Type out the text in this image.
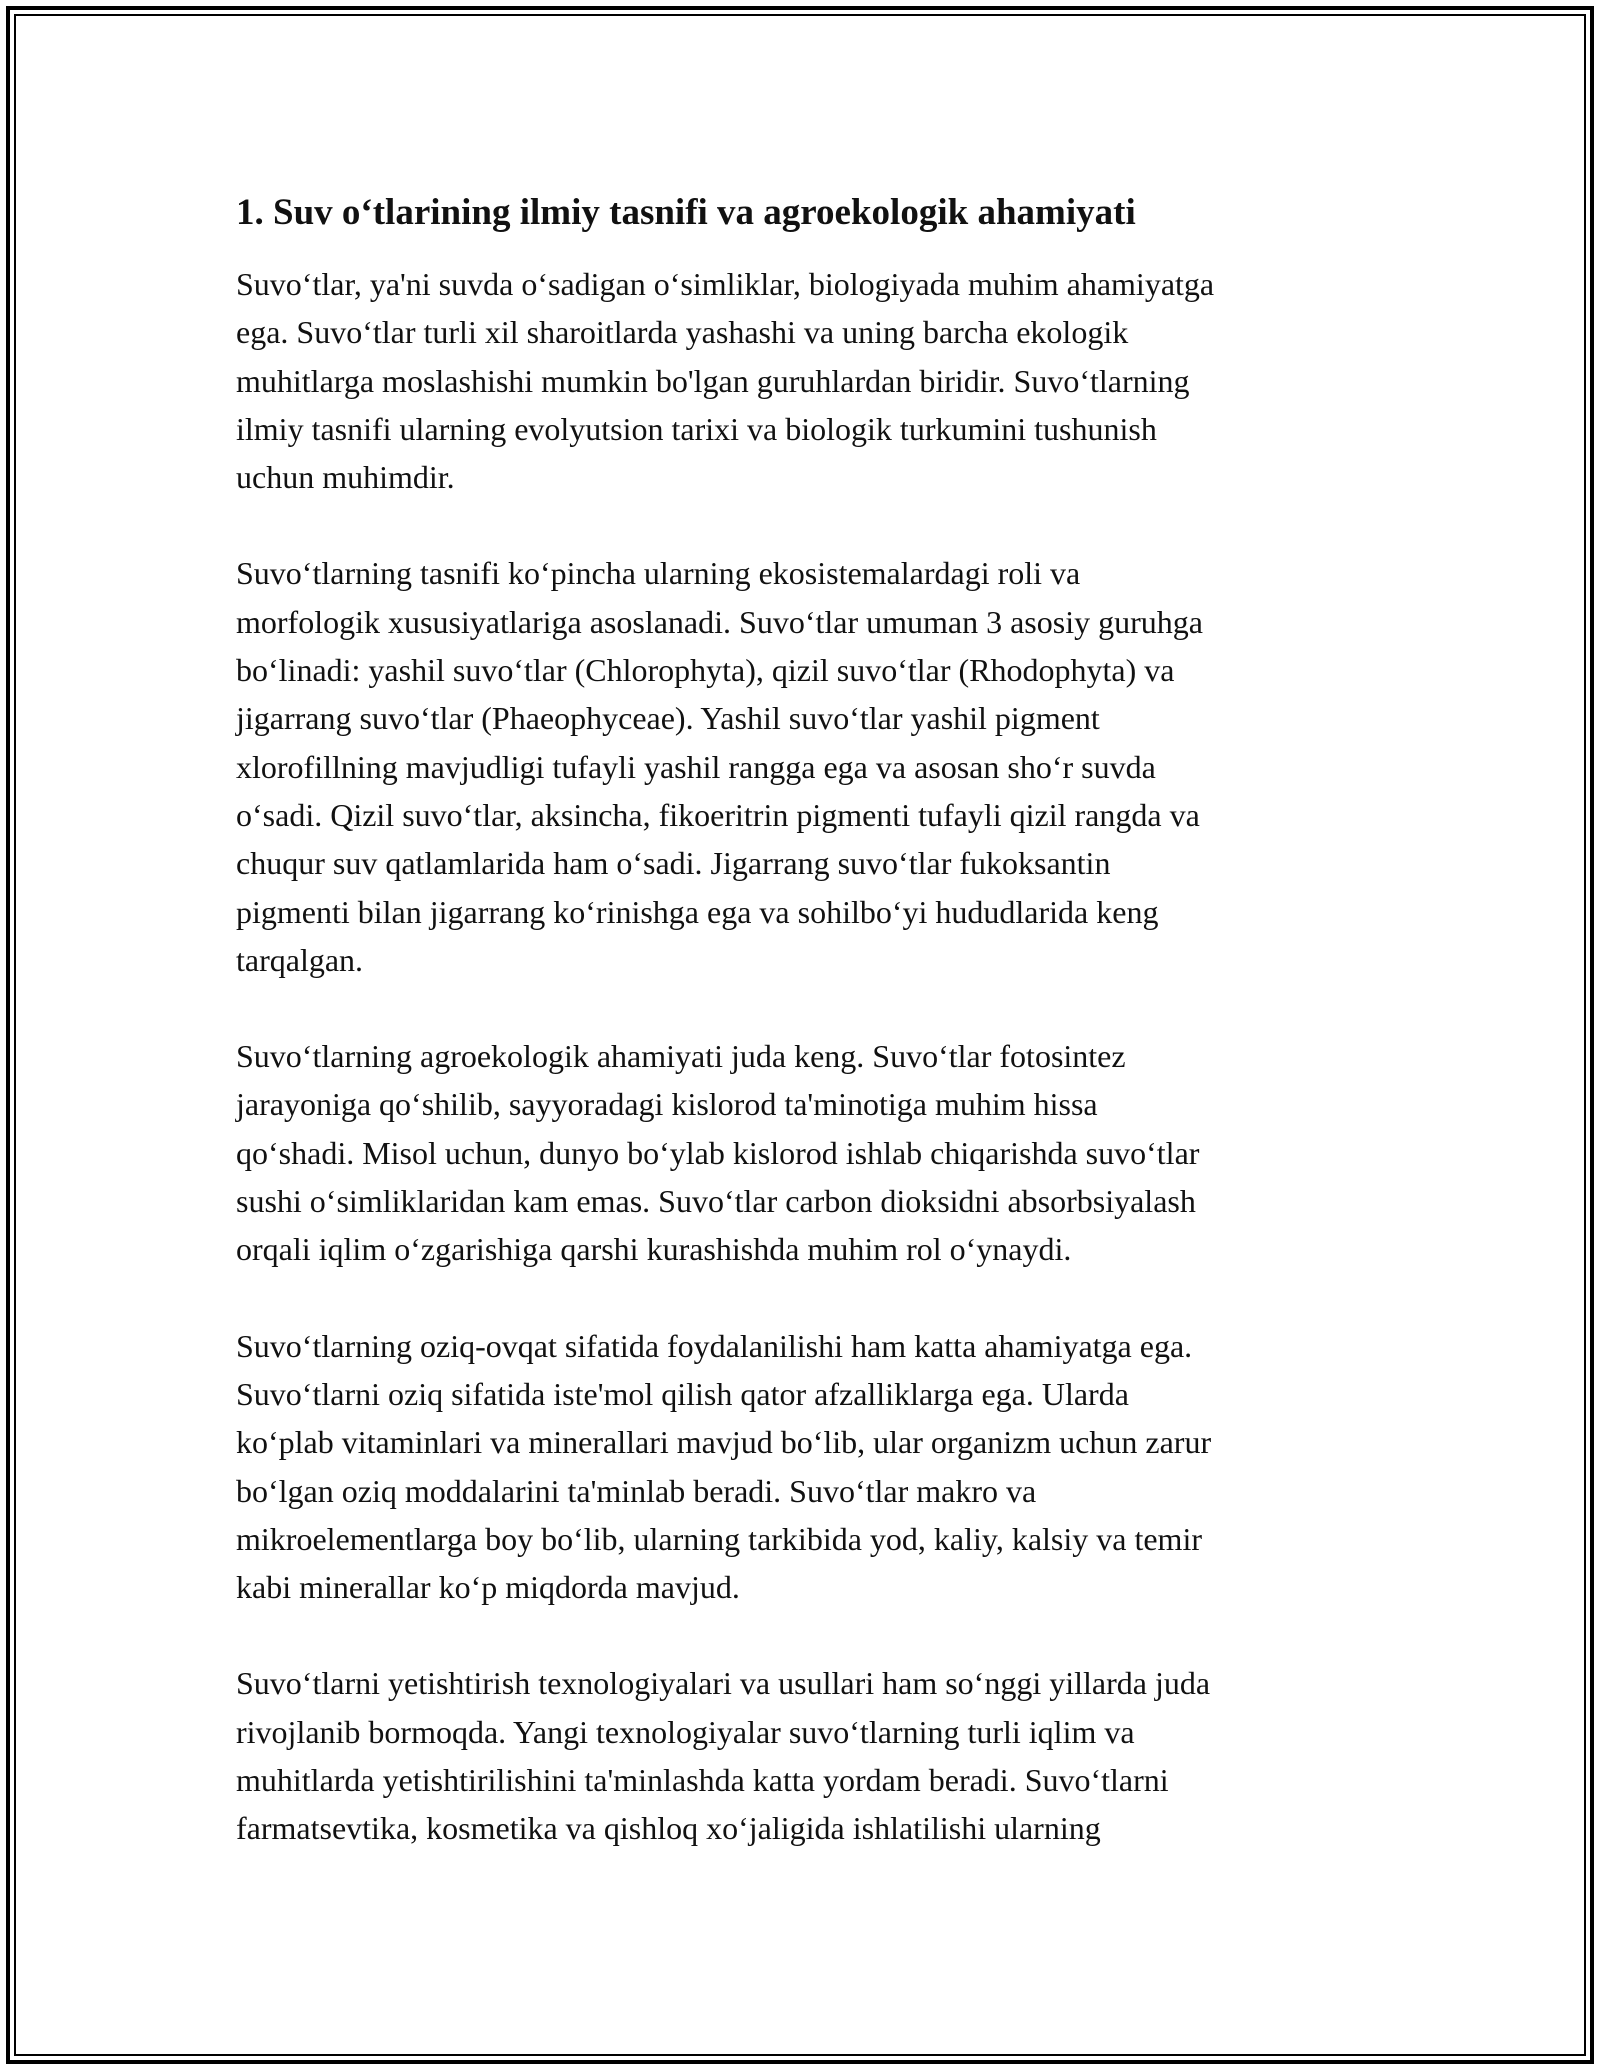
1. Suv oʻtlarining ilmiy tasnifi va agroekologik ahamiyati

Suvoʻtlar, ya'ni suvda oʻsadigan oʻsimliklar, biologiyada muhim ahamiyatga
ega. Suvoʻtlar turli xil sharoitlarda yashashi va uning barcha ekologik
muhitlarga moslashishi mumkin bo'lgan guruhlardan biridir. Suvoʻtlarning
ilmiy tasnifi ularning evolyutsion tarixi va biologik turkumini tushunish
uchun muhimdir.

Suvoʻtlarning tasnifi koʻpincha ularning ekosistemalardagi roli va
morfologik xususiyatlariga asoslanadi. Suvoʻtlar umuman 3 asosiy guruhga
boʻlinadi: yashil suvoʻtlar (Chlorophyta), qizil suvoʻtlar (Rhodophyta) va
jigarrang suvoʻtlar (Phaeophyceae). Yashil suvoʻtlar yashil pigment
xlorofillning mavjudligi tufayli yashil rangga ega va asosan shoʻr suvda
oʻsadi. Qizil suvoʻtlar, aksincha, fikoeritrin pigmenti tufayli qizil rangda va
chuqur suv qatlamlarida ham oʻsadi. Jigarrang suvoʻtlar fukoksantin
pigmenti bilan jigarrang koʻrinishga ega va sohilboʻyi hududlarida keng
tarqalgan.

Suvoʻtlarning agroekologik ahamiyati juda keng. Suvoʻtlar fotosintez
jarayoniga qoʻshilib, sayyoradagi kislorod ta'minotiga muhim hissa
qoʻshadi. Misol uchun, dunyo boʻylab kislorod ishlab chiqarishda suvoʻtlar
sushi oʻsimliklaridan kam emas. Suvoʻtlar carbon dioksidni absorbsiyalash
orqali iqlim oʻzgarishiga qarshi kurashishda muhim rol oʻynaydi.

Suvoʻtlarning oziq-ovqat sifatida foydalanilishi ham katta ahamiyatga ega.
Suvoʻtlarni oziq sifatida iste'mol qilish qator afzalliklarga ega. Ularda
koʻplab vitaminlari va minerallari mavjud boʻlib, ular organizm uchun zarur
boʻlgan oziq moddalarini ta'minlab beradi. Suvoʻtlar makro va
mikroelementlarga boy boʻlib, ularning tarkibida yod, kaliy, kalsiy va temir
kabi minerallar koʻp miqdorda mavjud.

Suvoʻtlarni yetishtirish texnologiyalari va usullari ham soʻnggi yillarda juda
rivojlanib bormoqda. Yangi texnologiyalar suvoʻtlarning turli iqlim va
muhitlarda yetishtirilishini ta'minlashda katta yordam beradi. Suvoʻtlarni
farmatsevtika, kosmetika va qishloq xoʻjaligida ishlatilishi ularning
